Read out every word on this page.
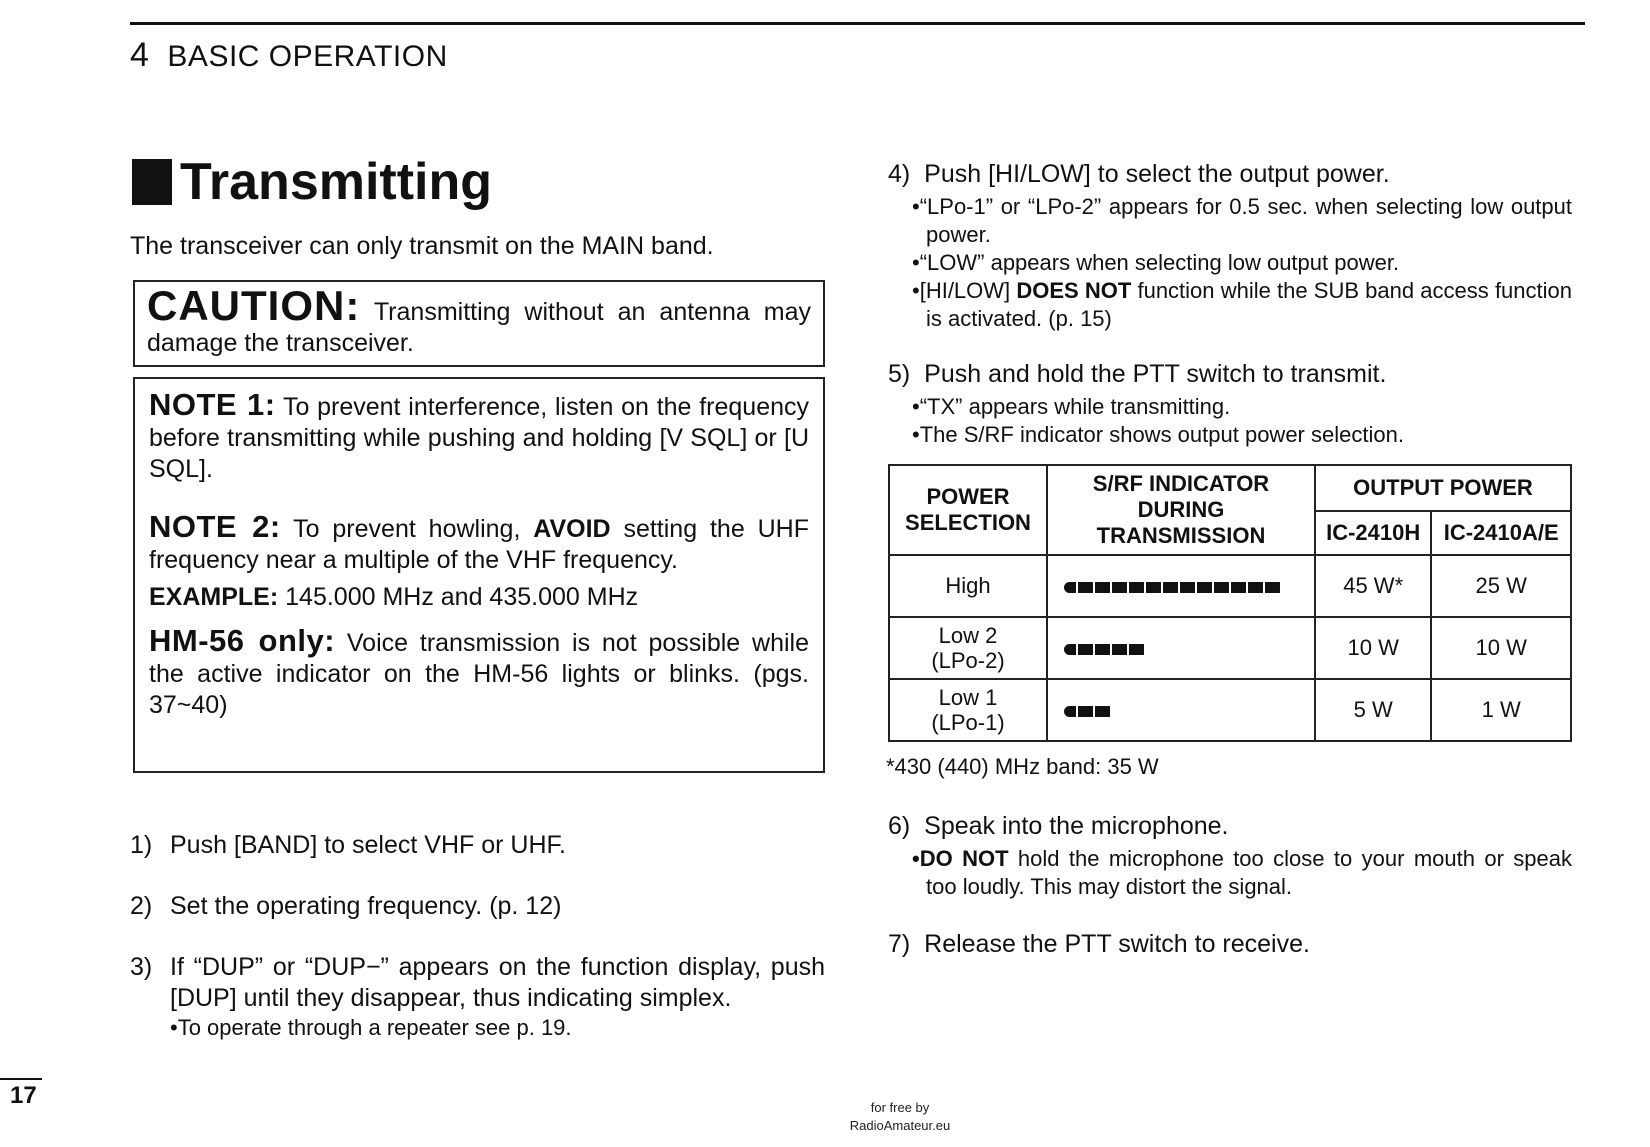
4 BASIC OPERATION
Transmitting
The transceiver can only transmit on the MAIN band.
CAUTION: Transmitting without an antenna may damage the transceiver.

NOTE 1: To prevent interference, listen on the frequency before transmitting while pushing and holding [V SQL] or [U SQL].

NOTE 2: To prevent howling, AVOID setting the UHF frequency near a multiple of the VHF frequency.

EXAMPLE: 145.000 MHz and 435.000 MHz

HM-56 only: Voice transmission is not possible while the active indicator on the HM-56 lights or blinks. (pgs. 37~40)

1) Push [BAND] to select VHF or UHF.
2) Set the operating frequency. (p. 12)
3) If “DUP” or “DUP−” appears on the function display, push [DUP] until they disappear, thus indicating simplex.
•To operate through a repeater see p. 19.
4) Push [HI/LOW] to select the output power.
•“LPo-1” or “LPo-2” appears for 0.5 sec. when selecting low output power.
•“LOW” appears when selecting low output power.
•[HI/LOW] DOES NOT function while the SUB band access function is activated. (p. 15)
5) Push and hold the PTT switch to transmit.
•“TX” appears while transmitting.
•The S/RF indicator shows output power selection.
POWER SELECTION	S/RF INDICATOR DURING TRANSMISSION	OUTPUT POWER	
		IC-2410H	IC-2410A/E

High		45 W*	25 W

Low 2
(LPo-2)		10 W	10 W

Low 1
(LPo-1)		5 W	1 W
*430 (440) MHz band: 35 W
6) Speak into the microphone.
•DO NOT hold the microphone too close to your mouth or speak too loudly. This may distort the signal.
7) Release the PTT switch to receive.
17	for free by
RadioAmateur.eu
